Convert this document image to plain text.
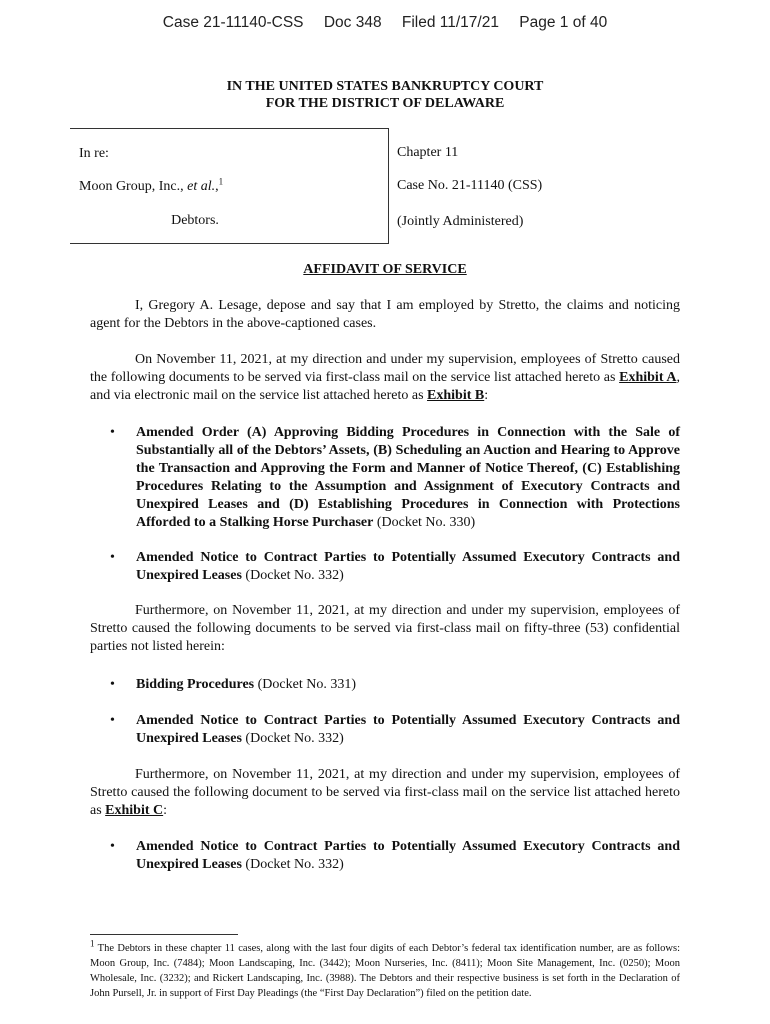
Case 21-11140-CSS Doc 348 Filed 11/17/21 Page 1 of 40
IN THE UNITED STATES BANKRUPTCY COURT
FOR THE DISTRICT OF DELAWARE
In re:
Moon Group, Inc., et al.,$^1$
Debtors.
Chapter 11
Case No. 21-11140 (CSS)
(Jointly Administered)
AFFIDAVIT OF SERVICE

I, Gregory A. Lesage, depose and say that I am employed by Stretto, the claims and noticing agent for the Debtors in the above-captioned cases.

On November 11, 2021, at my direction and under my supervision, employees of Stretto caused the following documents to be served via first-class mail on the service list attached hereto as Exhibit A, and via electronic mail on the service list attached hereto as Exhibit B:

• Amended Order (A) Approving Bidding Procedures in Connection with the Sale of Substantially all of the Debtors’ Assets, (B) Scheduling an Auction and Hearing to Approve the Transaction and Approving the Form and Manner of Notice Thereof, (C) Establishing Procedures Relating to the Assumption and Assignment of Executory Contracts and Unexpired Leases and (D) Establishing Procedures in Connection with Protections Afforded to a Stalking Horse Purchaser (Docket No. 330)
• Amended Notice to Contract Parties to Potentially Assumed Executory Contracts and Unexpired Leases (Docket No. 332)

Furthermore, on November 11, 2021, at my direction and under my supervision, employees of Stretto caused the following documents to be served via first-class mail on fifty-three (53) confidential parties not listed herein:

• Bidding Procedures (Docket No. 331)
• Amended Notice to Contract Parties to Potentially Assumed Executory Contracts and Unexpired Leases (Docket No. 332)

Furthermore, on November 11, 2021, at my direction and under my supervision, employees of Stretto caused the following document to be served via first-class mail on the service list attached hereto as Exhibit C:

• Amended Notice to Contract Parties to Potentially Assumed Executory Contracts and Unexpired Leases (Docket No. 332)
$^1$ The Debtors in these chapter 11 cases, along with the last four digits of each Debtor’s federal tax identification number, are as follows: Moon Group, Inc. (7484); Moon Landscaping, Inc. (3442); Moon Nurseries, Inc. (8411); Moon Site Management, Inc. (0250); Moon Wholesale, Inc. (3232); and Rickert Landscaping, Inc. (3988). The Debtors and their respective business is set forth in the Declaration of John Pursell, Jr. in support of First Day Pleadings (the “First Day Declaration”) filed on the petition date.
